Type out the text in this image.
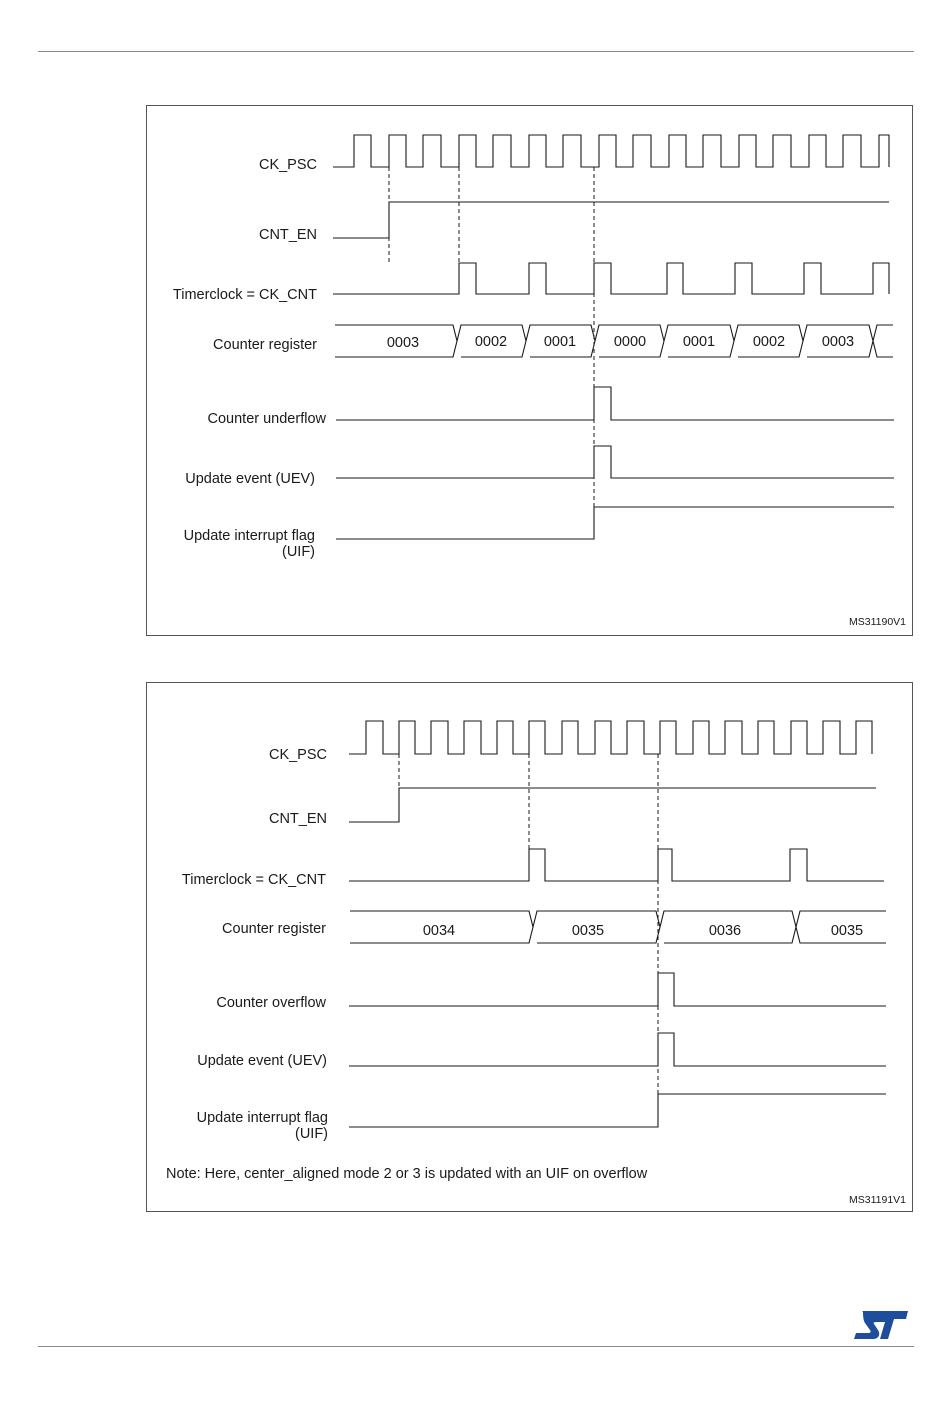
CK_PSC
CNT_EN
Timerclock = CK_CNT
Counter register
Counter underflow
Update event (UEV)
Update interrupt flag
(UIF)
0003	0002	0001	0000	0001	0002	0003
MS31190V1
CK_PSC
CNT_EN
Timerclock = CK_CNT
Counter register
Counter overflow
Update event (UEV)
Update interrupt flag
(UIF)
0034	0035	0036	0035
Note: Here, center_aligned mode 2 or 3 is updated with an UIF on overflow
MS31191V1
